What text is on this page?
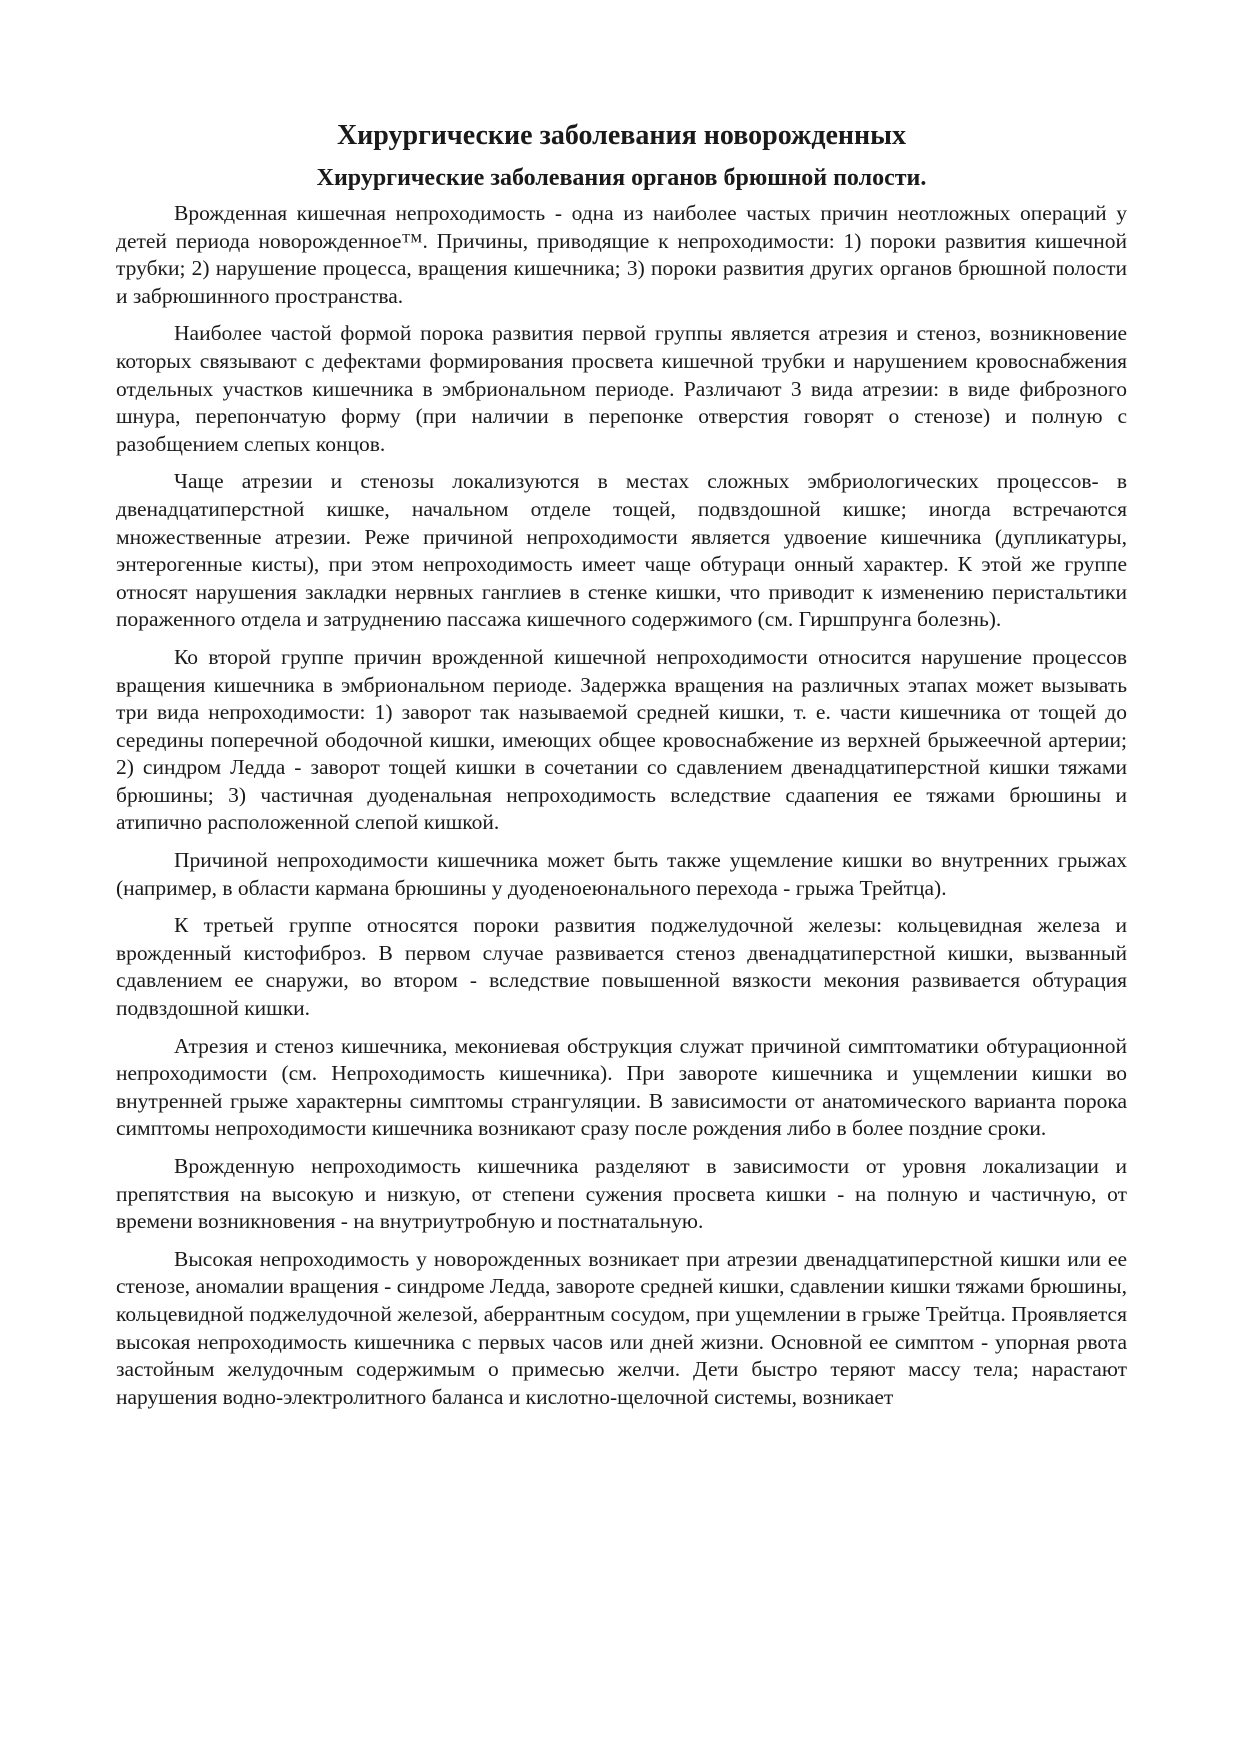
Хирургические заболевания новорожденных
Хирургические заболевания органов брюшной полости.

Врожденная кишечная непроходимость - одна из наиболее частых причин неотложных операций у детей периода новорожденное™. Причины, приводящие к непроходимости: 1) пороки развития кишечной трубки; 2) нарушение процесса, вращения кишечника; 3) пороки развития других органов брюшной полости и забрюшинного пространства.

Наиболее частой формой порока развития первой группы является атрезия и стеноз, возникновение которых связывают с дефектами формирования просвета кишечной трубки и нарушением кровоснабжения отдельных участков кишечника в эмбриональном периоде. Различают 3 вида атрезии: в виде фиброзного шнура, перепончатую форму (при наличии в перепонке отверстия говорят о стенозе) и полную с разобщением слепых концов.

Чаще атрезии и стенозы локализуются в местах сложных эмбриологических процессов- в двенадцатиперстной кишке, начальном отделе тощей, подвздошной кишке; иногда встречаются множественные атрезии. Реже причиной непроходимости является удвоение кишечника (дупликатуры, энтерогенные кисты), при этом непроходимость имеет чаще обтураци онный характер. К этой же группе относят нарушения закладки нервных ганглиев в стенке кишки, что приводит к изменению перистальтики пораженного отдела и затруднению пассажа кишечного содержимого (см. Гиршпрунга болезнь).

Ко второй группе причин врожденной кишечной непроходимости относится нарушение процессов вращения кишечника в эмбриональном периоде. Задержка вращения на различных этапах может вызывать три вида непроходимости: 1) заворот так называемой средней кишки, т. е. части кишечника от тощей до середины поперечной ободочной кишки, имеющих общее кровоснабжение из верхней брыжеечной артерии; 2) синдром Ледда - заворот тощей кишки в сочетании со сдавлением двенадцатиперстной кишки тяжами брюшины; 3) частичная дуоденальная непроходимость вследствие сдаапения ее тяжами брюшины и атипично расположенной слепой кишкой.

Причиной непроходимости кишечника может быть также ущемление кишки во внутренних грыжах (например, в области кармана брюшины у дуоденоеюнального перехода - грыжа Трейтца).

К третьей группе относятся пороки развития поджелудочной железы: кольцевидная железа и врожденный кистофиброз. В первом случае развивается стеноз двенадцатиперстной кишки, вызванный сдавлением ее снаружи, во втором - вследствие повышенной вязкости мекония развивается обтурация подвздошной кишки.

Атрезия и стеноз кишечника, мекониевая обструкция служат причиной симптоматики обтурационной непроходимости (см. Непроходимость кишечника). При завороте кишечника и ущемлении кишки во внутренней грыже характерны симптомы странгуляции. В зависимости от анатомического варианта порока симптомы непроходимости кишечника возникают сразу после рождения либо в более поздние сроки.

Врожденную непроходимость кишечника разделяют в зависимости от уровня локализации и препятствия на высокую и низкую, от степени сужения просвета кишки - на полную и частичную, от времени возникновения - на внутриутробную и постнатальную.

Высокая непроходимость у новорожденных возникает при атрезии двенадцатиперстной кишки или ее стенозе, аномалии вращения - синдроме Ледда, завороте средней кишки, сдавлении кишки тяжами брюшины, кольцевидной поджелудочной железой, аберрантным сосудом, при ущемлении в грыже Трейтца. Проявляется высокая непроходимость кишечника с первых часов или дней жизни. Основной ее симптом - упорная рвота застойным желудочным содержимым о примесью желчи. Дети быстро теряют массу тела; нарастают нарушения водно-электролитного баланса и кислотно-щелочной системы, возникает
